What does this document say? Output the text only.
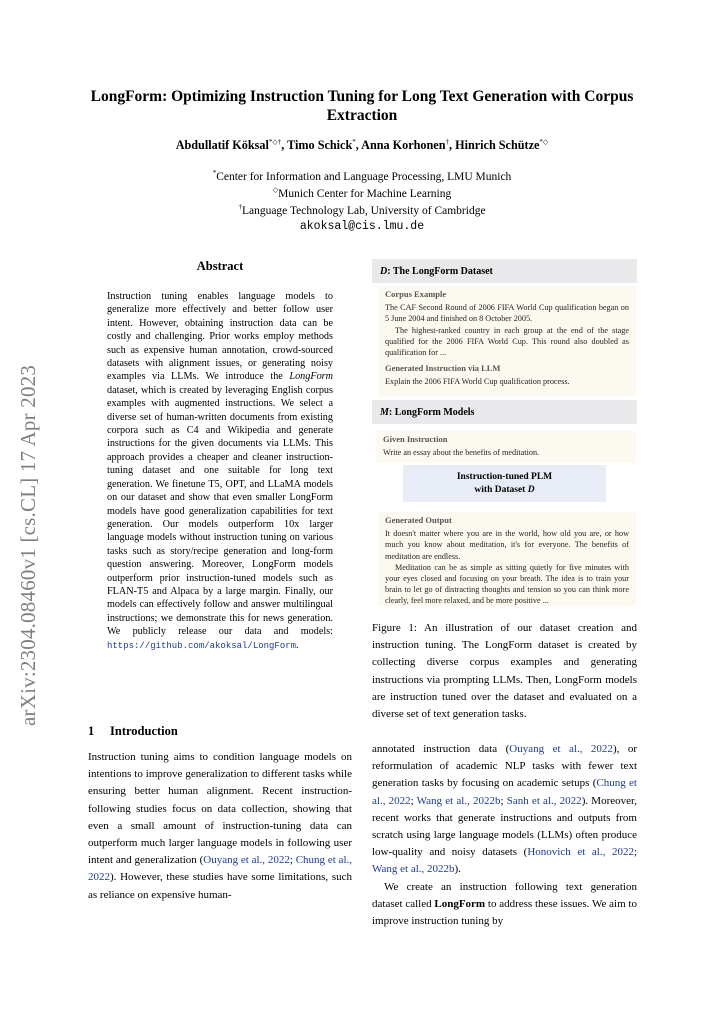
LongForm: Optimizing Instruction Tuning for Long Text Generation with Corpus Extraction
Abdullatif Köksal*◇†, Timo Schick*, Anna Korhonen†, Hinrich Schütze*◇
*Center for Information and Language Processing, LMU Munich
◇Munich Center for Machine Learning
†Language Technology Lab, University of Cambridge
akoksal@cis.lmu.de
arXiv:2304.08460v1 [cs.CL] 17 Apr 2023
Abstract
Instruction tuning enables language models to generalize more effectively and better follow user intent. However, obtaining instruction data can be costly and challenging. Prior works employ methods such as expensive human annotation, crowd-sourced datasets with alignment issues, or generating noisy examples via LLMs. We introduce the LongForm dataset, which is created by leveraging English corpus examples with augmented instructions. We select a diverse set of human-written documents from existing corpora such as C4 and Wikipedia and generate instructions for the given documents via LLMs. This approach provides a cheaper and cleaner instruction-tuning dataset and one suitable for long text generation. We finetune T5, OPT, and LLaMA models on our dataset and show that even smaller LongForm models have good generalization capabilities for text generation. Our models outperform 10x larger language models without instruction tuning on various tasks such as story/recipe generation and long-form question answering. Moreover, LongForm models outperform prior instruction-tuned models such as FLAN-T5 and Alpaca by a large margin. Finally, our models can effectively follow and answer multilingual instructions; we demonstrate this for news generation. We publicly release our data and models: https://github.com/akoksal/LongForm.
D : The LongForm Dataset
Corpus Example
The CAF Second Round of 2006 FIFA World Cup qualification began on 5 June 2004 and finished on 8 October 2005.
The highest-ranked country in each group at the end of the stage qualified for the 2006 FIFA World Cup. This round also doubled as qualification for ...
Generated Instruction via LLM
Explain the 2006 FIFA World Cup qualification process.
M : LongForm Models
Given Instruction
Write an essay about the benefits of meditation.
Instruction-tuned PLM
with Dataset D
Generated Output
It doesn't matter where you are in the world, how old you are, or how much you know about meditation, it's for everyone. The benefits of meditation are endless.
Meditation can be as simple as sitting quietly for five minutes with your eyes closed and focusing on your breath. The idea is to train your brain to let go of distracting thoughts and tension so you can think more clearly, feel more relaxed, and be more positive ...
Figure 1: An illustration of our dataset creation and instruction tuning. The LongForm dataset is created by collecting diverse corpus examples and generating instructions via prompting LLMs. Then, LongForm models are instruction tuned over the dataset and evaluated on a diverse set of text generation tasks.
1 Introduction

Instruction tuning aims to condition language models on intentions to improve generalization to different tasks while ensuring better human alignment. Recent instruction-following studies focus on data collection, showing that even a small amount of instruction-tuning data can outperform much larger language models in following user intent and generalization (Ouyang et al., 2022; Chung et al., 2022). However, these studies have some limitations, such as reliance on expensive human-

annotated instruction data (Ouyang et al., 2022), or reformulation of academic NLP tasks with fewer text generation tasks by focusing on academic setups (Chung et al., 2022; Wang et al., 2022b; Sanh et al., 2022). Moreover, recent works that generate instructions and outputs from scratch using large language models (LLMs) often produce low-quality and noisy datasets (Honovich et al., 2022; Wang et al., 2022b).

We create an instruction following text generation dataset called LongForm to address these issues. We aim to improve instruction tuning by
